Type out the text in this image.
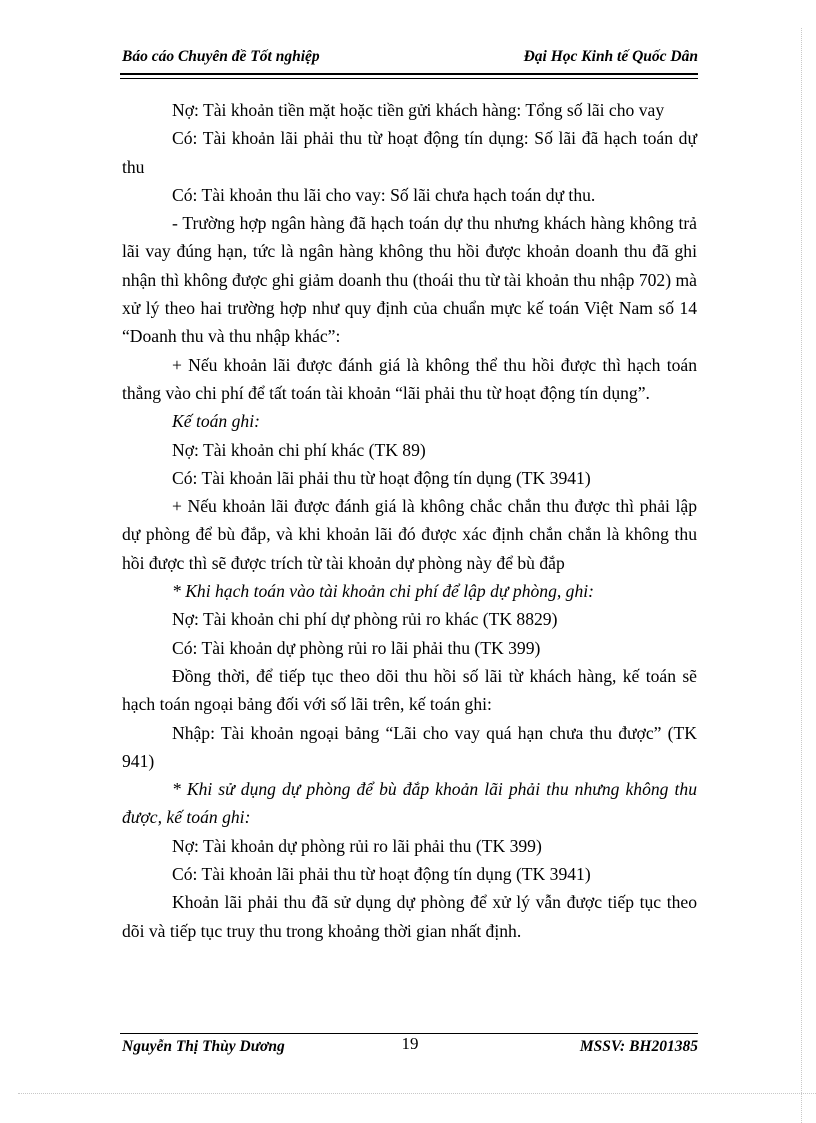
Báo cáo Chuyên đề Tốt nghiệp	Đại Học Kinh tế Quốc Dân

Nợ: Tài khoản tiền mặt hoặc tiền gửi khách hàng: Tổng số lãi cho vay

Có: Tài khoản lãi phải thu từ hoạt động tín dụng: Số lãi đã hạch toán dự thu

Có: Tài khoản thu lãi cho vay: Số lãi chưa hạch toán dự thu.

- Trường hợp ngân hàng đã hạch toán dự thu nhưng khách hàng không trả lãi vay đúng hạn, tức là ngân hàng không thu hồi được khoản doanh thu đã ghi nhận thì không được ghi giảm doanh thu (thoái thu từ tài khoản thu nhập 702) mà xử lý theo hai trường hợp như quy định của chuẩn mực kế toán Việt Nam số 14 “Doanh thu và thu nhập khác”:

+ Nếu khoản lãi được đánh giá là không thể thu hồi được thì hạch toán thẳng vào chi phí để tất toán tài khoản “lãi phải thu từ hoạt động tín dụng”.

Kế toán ghi:

Nợ: Tài khoản chi phí khác (TK 89)

Có: Tài khoản lãi phải thu từ hoạt động tín dụng (TK 3941)

+ Nếu khoản lãi được đánh giá là không chắc chắn thu được thì phải lập dự phòng để bù đắp, và khi khoản lãi đó được xác định chắn chắn là không thu hồi được thì sẽ được trích từ tài khoản dự phòng này để bù đắp

* Khi hạch toán vào tài khoản chi phí để lập dự phòng, ghi:

Nợ: Tài khoản chi phí dự phòng rủi ro khác (TK 8829)

Có: Tài khoản dự phòng rủi ro lãi phải thu (TK 399)

Đồng thời, để tiếp tục theo dõi thu hồi số lãi từ khách hàng, kế toán sẽ hạch toán ngoại bảng đối với số lãi trên, kế toán ghi:

Nhập: Tài khoản ngoại bảng “Lãi cho vay quá hạn chưa thu được” (TK 941)

* Khi sử dụng dự phòng để bù đắp khoản lãi phải thu nhưng không thu được, kế toán ghi:

Nợ: Tài khoản dự phòng rủi ro lãi phải thu (TK 399)

Có: Tài khoản lãi phải thu từ hoạt động tín dụng (TK 3941)

Khoản lãi phải thu đã sử dụng dự phòng để xử lý vẫn được tiếp tục theo dõi và tiếp tục truy thu trong khoảng thời gian nhất định.

Nguyễn Thị Thùy Dương	19	MSSV: BH201385
